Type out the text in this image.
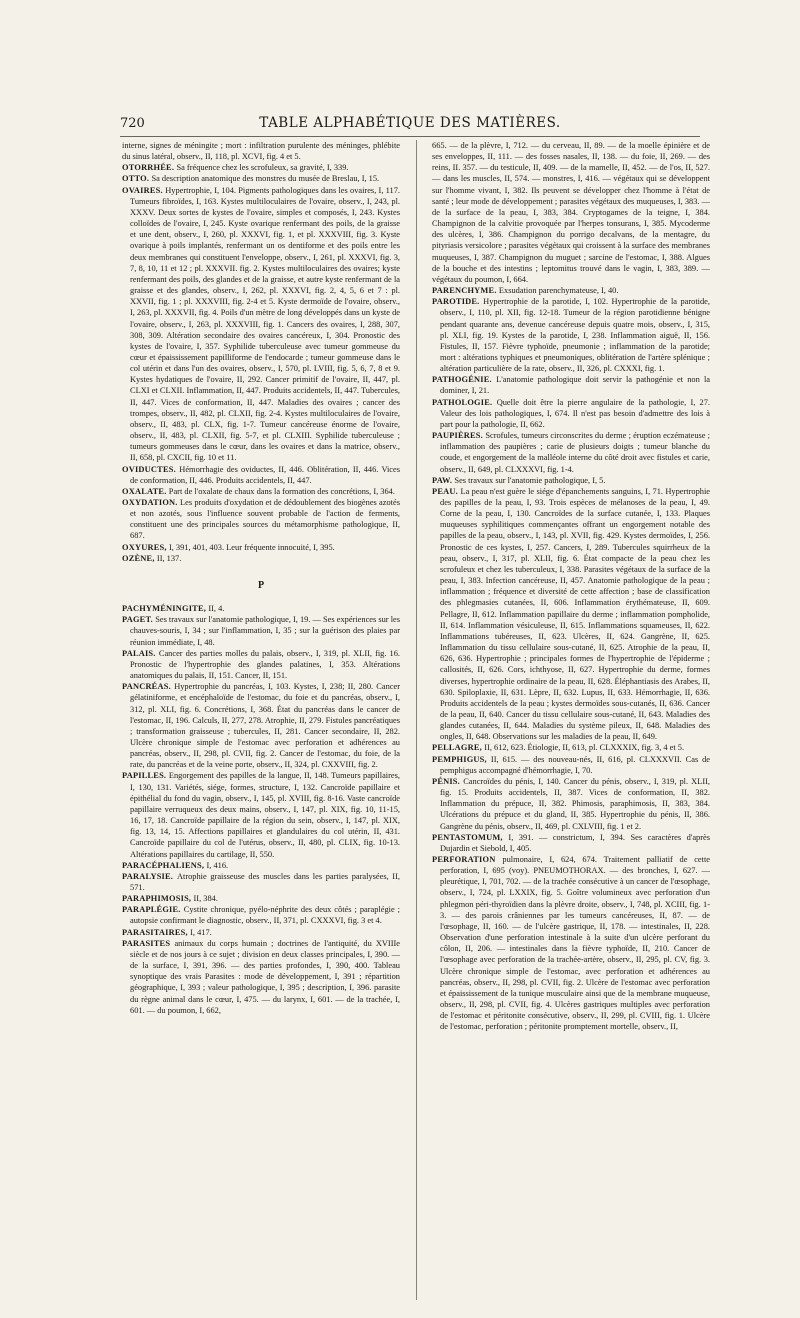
720	TABLE ALPHABÉTIQUE DES MATIÈRES.

interne, signes de méningite ; mort : infiltration purulente des méninges, phlébite du sinus latéral, observ., II, 118, pl. XCVI, fig. 4 et 5.

OTORRHÉE. Sa fréquence chez les scrofuleux, sa gravité, I, 339.

OTTO. Sa description anatomique des monstres du musée de Breslau, I, 15.

OVAIRES. Hypertrophie, I, 104. Pigments pathologiques dans les ovaires, I, 117. Tumeurs fibroïdes, I, 163. Kystes multiloculaires de l'ovaire, observ., I, 243, pl. XXXV. Deux sortes de kystes de l'ovaire, simples et composés, I, 243. Kystes colloïdes de l'ovaire, I, 245. Kyste ovarique renfermant des poils, de la graisse et une dent, observ., I, 260, pl. XXXVI, fig. 1, et pl. XXXVIII, fig. 3. Kyste ovarique à poils implantés, renfermant un os dentiforme et des poils entre les deux membranes qui constituent l'enveloppe, observ., I, 261, pl. XXXVI, fig. 3, 7, 8, 10, 11 et 12 ; pl. XXXVII. fig. 2. Kystes multiloculaires des ovaires; kyste renfermant des poils, des glandes et de la graisse, et autre kyste renfermant de la graisse et des glandes, observ., I, 262, pl. XXXVI, fig. 2, 4, 5, 6 et 7 : pl. XXVII, fig. 1 ; pl. XXXVIII, fig. 2-4 et 5. Kyste dermoïde de l'ovaire, observ., I, 263, pl. XXXVII, fig. 4. Poils d'un mètre de long développés dans un kyste de l'ovaire, observ., I, 263, pl. XXXVIII, fig. 1. Cancers des ovaires, I, 288, 307, 308, 309. Altération secondaire des ovaires cancéreux, I, 304. Pronostic des kystes de l'ovaire, I, 357. Syphilide tuberculeuse avec tumeur gommeuse du cœur et épaississement papilliforme de l'endocarde ; tumeur gommeuse dans le col utérin et dans l'un des ovaires, observ., I, 570, pl. LVIII, fig. 5, 6, 7, 8 et 9. Kystes hydatiques de l'ovaire, II, 292. Cancer primitif de l'ovaire, II, 447, pl. CLXI et CLXII. Inflammation, II, 447. Produits accidentels, II, 447. Tubercules, II, 447. Vices de conformation, II, 447. Maladies des ovaires ; cancer des trompes, observ., II, 482, pl. CLXII, fig. 2-4. Kystes multiloculaires de l'ovaire, observ., II, 483, pl. CLX, fig. 1-7. Tumeur cancéreuse énorme de l'ovaire, observ., II, 483, pl. CLXII, fig. 5-7, et pl. CLXIII. Syphilide tuberculeuse ; tumeurs gommeuses dans le cœur, dans les ovaires et dans la matrice, observ., II, 658, pl. CXCII, fig. 10 et 11.

OVIDUCTES. Hémorrhagie des oviductes, II, 446. Oblitération, II, 446. Vices de conformation, II, 446. Produits accidentels, II, 447.

OXALATE. Part de l'oxalate de chaux dans la formation des concrétions, I, 364.

OXYDATION. Les produits d'oxydation et de dédoublement des biogènes azotés et non azotés, sous l'influence souvent probable de l'action de ferments, constituent une des principales sources du métamorphisme pathologique, II, 687.

OXYURES, I, 391, 401, 403. Leur fréquente innocuité, I, 395.

OZÈNE, II, 137.

P

PACHYMÉNINGITE, II, 4.

PAGET. Ses travaux sur l'anatomie pathologique, I, 19. — Ses expériences sur les chauves-souris, I, 34 ; sur l'inflammation, I, 35 ; sur la guérison des plaies par réunion immédiate, I, 48.

PALAIS. Cancer des parties molles du palais, observ., I, 319, pl. XLII, fig. 16. Pronostic de l'hypertrophie des glandes palatines, I, 353. Altérations anatomiques du palais, II, 151. Cancer, II, 151.

PANCRÉAS. Hypertrophie du pancréas, I, 103. Kystes, I, 238; II, 280. Cancer gélatiniforme, et encéphaloïde de l'estomac, du foie et du pancréas, observ., I, 312, pl. XLI, fig. 6. Concrétions, I, 368. État du pancréas dans le cancer de l'estomac, II, 196. Calculs, II, 277, 278. Atrophie, II, 279. Fistules pancréatiques ; transformation graisseuse ; tubercules, II, 281. Cancer secondaire, II, 282. Ulcère chronique simple de l'estomac avec perforation et adhérences au pancréas, observ., II, 298, pl. CVII, fig. 2. Cancer de l'estomac, du foie, de la rate, du pancréas et de la veine porte, observ., II, 324, pl. CXXVIII, fig. 2.

PAPILLES. Engorgement des papilles de la langue, II, 148. Tumeurs papillaires, I, 130, 131. Variétés, siége, formes, structure, I, 132. Cancroïde papillaire et épithélial du fond du vagin, observ., I, 145, pl. XVIII, fig. 8-16. Vaste cancroïde papillaire verruqueux des deux mains, observ., I, 147, pl. XIX, fig. 10, 11-15, 16, 17, 18. Cancroïde papillaire de la région du sein, observ., I, 147, pl. XIX, fig. 13, 14, 15. Affections papillaires et glandulaires du col utérin, II, 431. Cancroïde papillaire du col de l'utérus, observ., II, 480, pl. CLIX, fig. 10-13. Altérations papillaires du cartilage, II, 550.

PARACÉPHALIENS, I, 416.

PARALYSIE. Atrophie graisseuse des muscles dans les parties paralysées, II, 571.

PARAPHIMOSIS, II, 384.

PARAPLÉGIE. Cystite chronique, pyélo-néphrite des deux côtés ; paraplégie ; autopsie confirmant le diagnostic, observ., II, 371, pl. CXXXVI, fig. 3 et 4.

PARASITAIRES, I, 417.

PARASITES animaux du corps humain ; doctrines de l'antiquité, du XVIIIe siècle et de nos jours à ce sujet ; division en deux classes principales, I, 390. — de la surface, I, 391, 396. — des parties profondes, I, 390, 400. Tableau synoptique des vrais Parasites : mode de développement, I, 391 ; répartition géographique, I, 393 ; valeur pathologique, I, 395 ; description, I, 396. parasite du règne animal dans le cœur, I, 475. — du larynx, I, 601. — de la trachée, I, 601. — du poumon, I, 662,

665. — de la plèvre, I, 712. — du cerveau, II, 89. — de la moelle épinière et de ses enveloppes, II, 111. — des fosses nasales, II, 138. — du foie, II, 269. — des reins, II. 357. — du testicule, II, 409. — de la mamelle, II, 452. — de l'os, II, 527. — dans les muscles, II, 574. — monstres, I, 416. — végétaux qui se développent sur l'homme vivant, I, 382. Ils peuvent se développer chez l'homme à l'état de santé ; leur mode de développement ; parasites végétaux des muqueuses, I, 383. — de la surface de la peau, I, 383, 384. Cryptogames de la teigne, I, 384. Champignon de la calvitie provoquée par l'herpes tonsurans, I, 385. Mycoderme des ulcères, I, 386. Champignon du porrigo decalvans, de la mentagre, du pityriasis versicolore ; parasites végétaux qui croissent à la surface des membranes muqueuses, I, 387. Champignon du muguet ; sarcine de l'estomac, I, 388. Algues de la bouche et des intestins ; leptomitus trouvé dans le vagin, I, 383, 389. — végétaux du poumon, I, 664.

PARENCHYME. Exsudation parenchymateuse, I, 40.

PAROTIDE. Hypertrophie de la parotide, I, 102. Hypertrophie de la parotide, observ., I, 110, pl. XII, fig. 12-18. Tumeur de la région parotidienne bénigne pendant quarante ans, devenue cancéreuse depuis quatre mois, observ., I, 315, pl. XLI, fig. 19. Kystes de la parotide, I, 238. Inflammation aiguë, II, 156. Fistules, II, 157. Fièvre typhoïde, pneumonie ; inflammation de la parotide; mort : altérations typhiques et pneumoniques, oblitération de l'artère splénique ; altération particulière de la rate, observ., II, 326, pl. CXXXI, fig. 1.

PATHOGÉNIE. L'anatomie pathologique doit servir la pathogénie et non la dominer, I, 21.

PATHOLOGIE. Quelle doit être la pierre angulaire de la pathologie, I, 27. Valeur des lois pathologiques, I, 674. Il n'est pas besoin d'admettre des lois à part pour la pathologie, II, 662.

PAUPIÈRES. Scrofules, tumeurs circonscrites du derme ; éruption eczémateuse ; inflammation des paupières ; carie de plusieurs doigts ; tumeur blanche du coude, et engorgement de la malléole interne du côté droit avec fistules et carie, observ., II, 649, pl. CLXXXVI, fig. 1-4.

PAW. Ses travaux sur l'anatomie pathologique, I, 5.

PEAU. La peau n'est guère le siége d'épanchements sanguins, I, 71. Hypertrophie des papilles de la peau, I, 93. Trois espèces de mélanoses de la peau, I, 49. Corne de la peau, I, 130. Cancroïdes de la surface cutanée, I, 133. Plaques muqueuses syphilitiques commençantes offrant un engorgement notable des papilles de la peau, observ., I, 143, pl. XVII, fig. 429. Kystes dermoïdes, I, 256. Pronostic de ces kystes, I, 257. Cancers, I, 289. Tubercules squirrheux de la peau, observ., I, 317, pl. XLII, fig. 6. État compacte de la peau chez les scrofuleux et chez les tuberculeux, I, 338. Parasites végétaux de la surface de la peau, I, 383. Infection cancéreuse, II, 457. Anatomie pathologique de la peau ; inflammation ; fréquence et diversité de cette affection ; base de classification des phlegmasies cutanées, II, 606. Inflammation érythémateuse, II, 609. Pellagre, II, 612. Inflammation papillaire du derme ; inflammation pompholide, II, 614. Inflammation vésiculeuse, II, 615. Inflammations squameuses, II, 622. Inflammations tubéreuses, II, 623. Ulcères, II, 624. Gangrène, II, 625. Inflammation du tissu cellulaire sous-cutané, II, 625. Atrophie de la peau, II, 626, 636. Hypertrophie ; principales formes de l'hypertrophie de l'épiderme ; callosités, II, 626. Cors, ichthyose, II, 627. Hypertrophie du derme, formes diverses, hypertrophie ordinaire de la peau, II, 628. Éléphantiasis des Arabes, II, 630. Spiloplaxie, II, 631. Lèpre, II, 632. Lupus, II, 633. Hémorrhagie, II, 636. Produits accidentels de la peau ; kystes dermoïdes sous-cutanés, II, 636. Cancer de la peau, II, 640. Cancer du tissu cellulaire sous-cutané, II, 643. Maladies des glandes cutanées, II, 644. Maladies du système pileux, II, 648. Maladies des ongles, II, 648. Observations sur les maladies de la peau, II, 649.

PELLAGRE, II, 612, 623. Étiologie, II, 613, pl. CLXXXIX, fig. 3, 4 et 5.

PEMPHIGUS, II, 615. — des nouveau-nés, II, 616, pl. CLXXXVII. Cas de pemphigus accompagné d'hémorrhagie, I, 70.

PÉNIS. Cancroïdes du pénis, I, 140. Cancer du pénis, observ., I, 319, pl. XLII, fig. 15. Produits accidentels, II, 387. Vices de conformation, II, 382. Inflammation du prépuce, II, 382. Phimosis, paraphimosis, II, 383, 384. Ulcérations du prépuce et du gland, II, 385. Hypertrophie du pénis, II, 386. Gangrène du pénis, observ., II, 469, pl. CXLVIII, fig. 1 et 2.

PENTASTOMUM, I, 391. — constrictum, I, 394. Ses caractères d'après Dujardin et Siebold, I, 405.

PERFORATION pulmonaire, I, 624, 674. Traitement palliatif de cette perforation, I, 695 (voy). PNEUMOTHORAX. — des bronches, I, 627. — pleurétique, I, 701, 702. — de la trachée consécutive à un cancer de l'œsophage, observ., I, 724, pl. LXXIX, fig. 5. Goître volumineux avec perforation d'un phlegmon péri-thyroïdien dans la plèvre droite, observ., I, 748, pl. XCIII, fig. 1-3. — des parois crâniennes par les tumeurs cancéreuses, II, 87. — de l'œsophage, II, 160. — de l'ulcère gastrique, II, 178. — intestinales, II, 228. Observation d'une perforation intestinale à la suite d'un ulcère perforant du côlon, II, 206. — intestinales dans la fièvre typhoïde, II, 210. Cancer de l'œsophage avec perforation de la trachée-artère, observ., II, 295, pl. CV, fig. 3. Ulcère chronique simple de l'estomac, avec perforation et adhérences au pancréas, observ., II, 298, pl. CVII, fig. 2. Ulcère de l'estomac avec perforation et épaississement de la tunique musculaire ainsi que de la membrane muqueuse, observ., II, 298, pl. CVII, fig. 4. Ulcères gastriques multiples avec perforation de l'estomac et péritonite consécutive, observ., II, 299, pl. CVIII, fig. 1. Ulcère de l'estomac, perforation ; péritonite promptement mortelle, observ., II,
